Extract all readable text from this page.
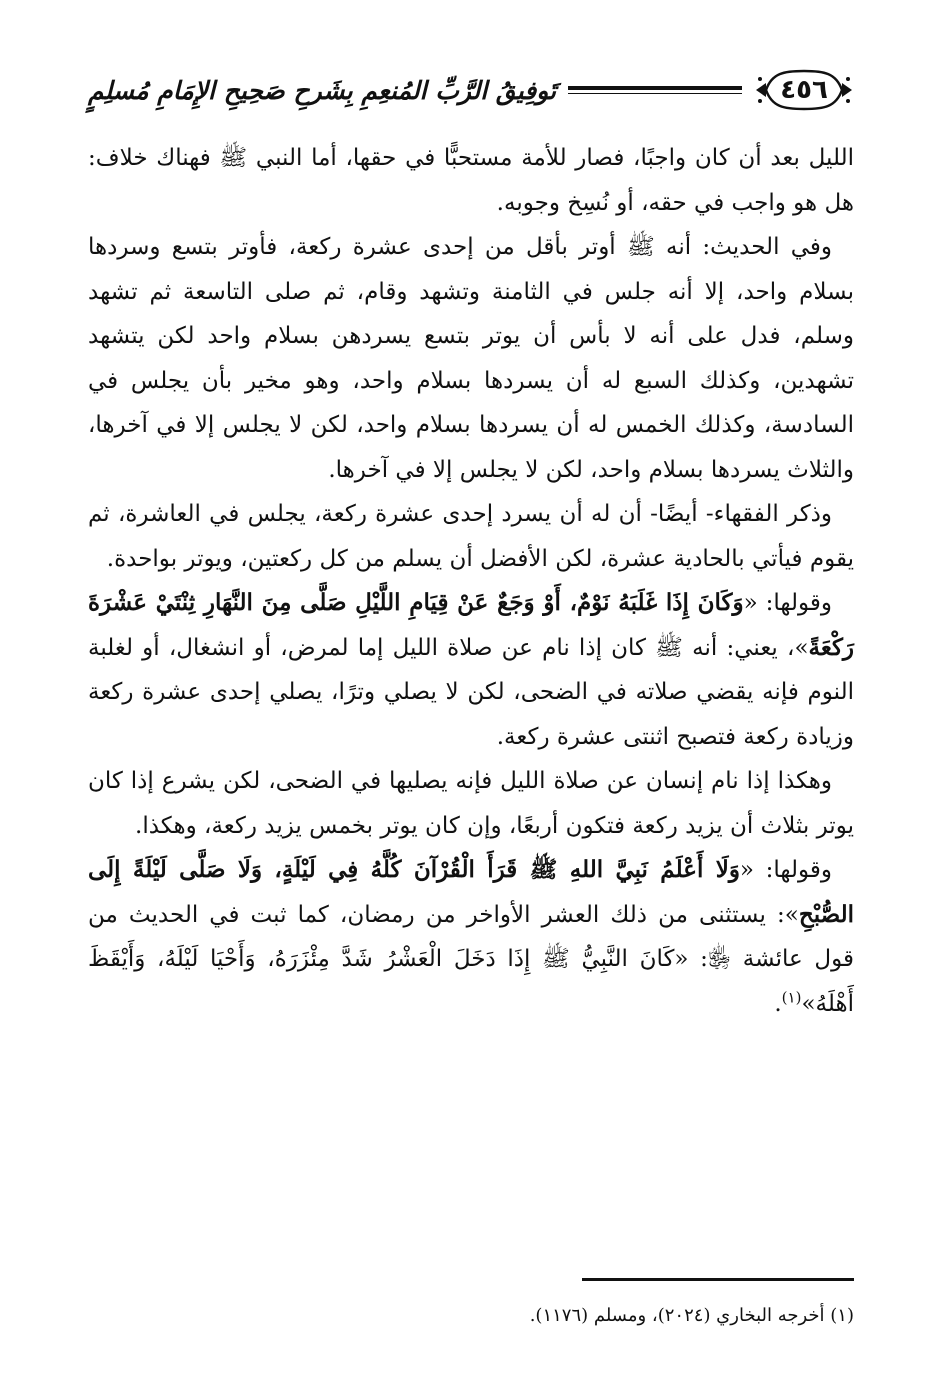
٤٥٦
تَوفِيقُ الرَّبِّ المُنعِمِ بِشَرحِ صَحِيحِ الإِمَامِ مُسلِمٍ

الليل بعد أن كان واجبًا، فصار للأمة مستحبًّا في حقها، أما النبي ﷺ فهناك خلاف: هل هو واجب في حقه، أو نُسِخ وجوبه.

وفي الحديث: أنه ﷺ أوتر بأقل من إحدى عشرة ركعة، فأوتر بتسع وسردها بسلام واحد، إلا أنه جلس في الثامنة وتشهد وقام، ثم صلى التاسعة ثم تشهد وسلم، فدل على أنه لا بأس أن يوتر بتسع يسردهن بسلام واحد لكن يتشهد تشهدين، وكذلك السبع له أن يسردها بسلام واحد، وهو مخير بأن يجلس في السادسة، وكذلك الخمس له أن يسردها بسلام واحد، لكن لا يجلس إلا في آخرها، والثلاث يسردها بسلام واحد، لكن لا يجلس إلا في آخرها.

وذكر الفقهاء- أيضًا- أن له أن يسرد إحدى عشرة ركعة، يجلس في العاشرة، ثم يقوم فيأتي بالحادية عشرة، لكن الأفضل أن يسلم من كل ركعتين، ويوتر بواحدة.

وقولها: «وَكَانَ إِذَا غَلَبَهُ نَوْمٌ، أَوْ وَجَعٌ عَنْ قِيَامِ اللَّيْلِ صَلَّى مِنَ النَّهَارِ ثِنْتَيْ عَشْرَةَ رَكْعَةً»، يعني: أنه ﷺ كان إذا نام عن صلاة الليل إما لمرض، أو انشغال، أو لغلبة النوم فإنه يقضي صلاته في الضحى، لكن لا يصلي وترًا، يصلي إحدى عشرة ركعة وزيادة ركعة فتصبح اثنتى عشرة ركعة.

وهكذا إذا نام إنسان عن صلاة الليل فإنه يصليها في الضحى، لكن يشرع إذا كان يوتر بثلاث أن يزيد ركعة فتكون أربعًا، وإن كان يوتر بخمس يزيد ركعة، وهكذا.

وقولها: «وَلَا أَعْلَمُ نَبِيَّ اللهِ ﷺ قَرَأَ الْقُرْآنَ كُلَّهُ فِي لَيْلَةٍ، وَلَا صَلَّى لَيْلَةً إِلَى الصُّبْحِ»: يستثنى من ذلك العشر الأواخر من رمضان، كما ثبت في الحديث من قول عائشة ﵂: «كَانَ النَّبِيُّ ﷺ إِذَا دَخَلَ الْعَشْرُ شَدَّ مِئْزَرَهُ، وَأَحْيَا لَيْلَهُ، وَأَيْقَظَ أَهْلَهُ»$^{(١)}$.

(١) أخرجه البخاري (٢٠٢٤)، ومسلم (١١٧٦).
